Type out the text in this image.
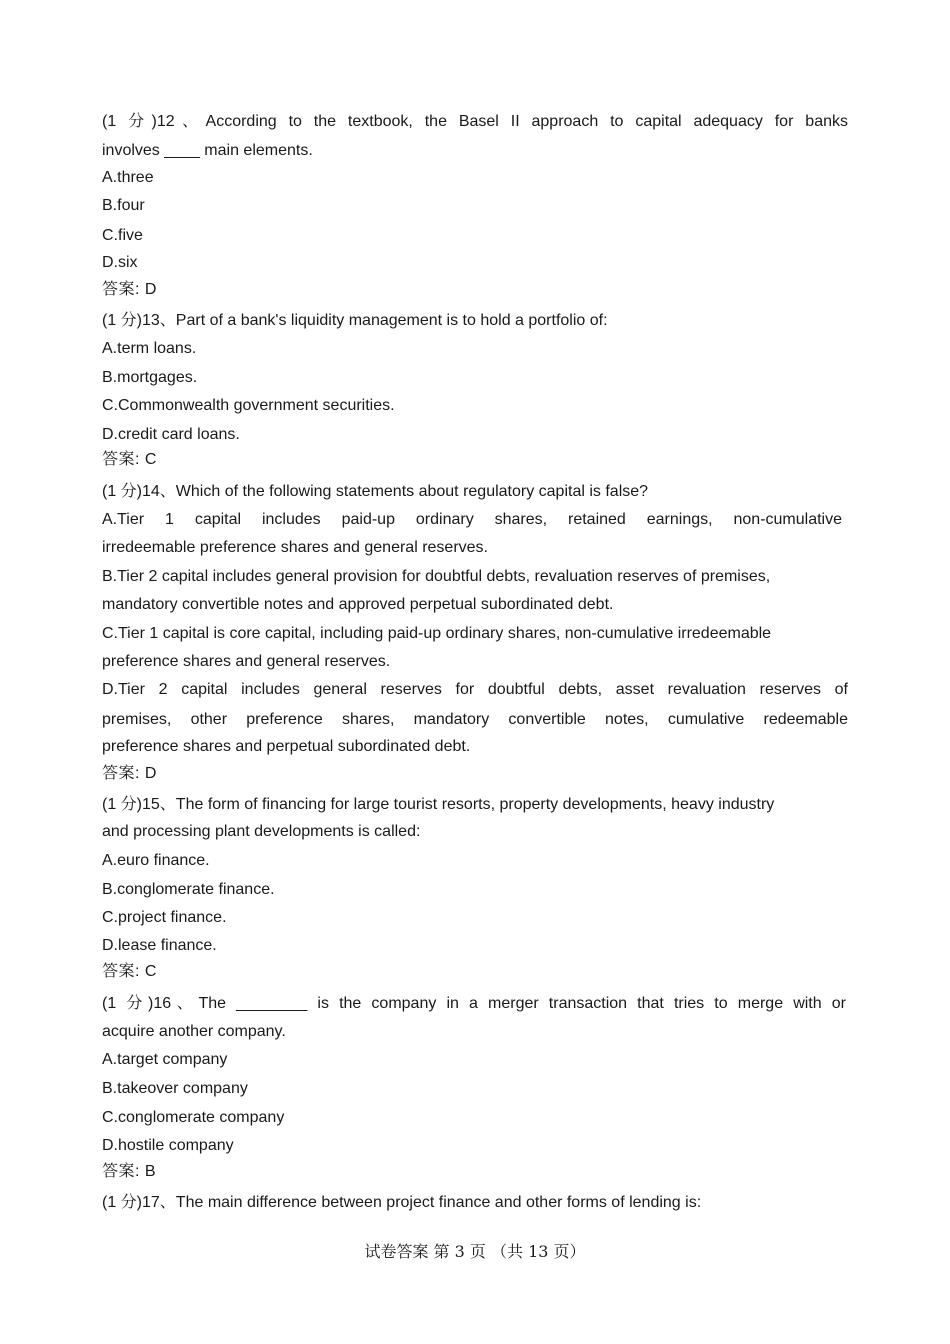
(1 分)12、According to the textbook, the Basel II approach to capital adequacy for banks
involves ____ main elements.
A.three
B.four
C.five
D.six
答案: D
(1 分)13、Part of a bank's liquidity management is to hold a portfolio of:
A.term loans.
B.mortgages.
C.Commonwealth government securities.
D.credit card loans.
答案: C
(1 分)14、Which of the following statements about regulatory capital is false?
A.Tier 1 capital includes paid-up ordinary shares, retained earnings, non-cumulative
irredeemable preference shares and general reserves.
B.Tier 2 capital includes general provision for doubtful debts, revaluation reserves of premises,
mandatory convertible notes and approved perpetual subordinated debt.
C.Tier 1 capital is core capital, including paid-up ordinary shares, non-cumulative irredeemable
preference shares and general reserves.
D.Tier 2 capital includes general reserves for doubtful debts, asset revaluation reserves of
premises, other preference shares, mandatory convertible notes, cumulative redeemable
preference shares and perpetual subordinated debt.
答案: D
(1 分)15、The form of financing for large tourist resorts, property developments, heavy industry
and processing plant developments is called:
A.euro finance.
B.conglomerate finance.
C.project finance.
D.lease finance.
答案: C
(1 分)16、The ________ is the company in a merger transaction that tries to merge with or
acquire another company.
A.target company
B.takeover company
C.conglomerate company
D.hostile company
答案: B
(1 分)17、The main difference between project finance and other forms of lending is:
试卷答案 第 3 页 （共 13 页）
